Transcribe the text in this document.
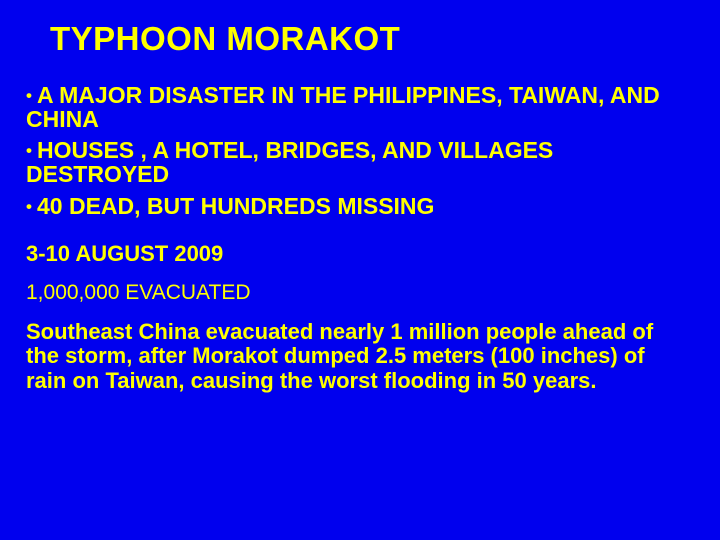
TYPHOON MORAKOT
• A MAJOR DISASTER IN THE PHILIPPINES, TAIWAN, AND CHINA
• HOUSES , A HOTEL, BRIDGES, AND VILLAGES DESTROYED
• 40 DEAD, BUT HUNDREDS MISSING
3-10 AUGUST 2009
1,000,000 EVACUATED
Southeast China evacuated nearly 1 million people ahead of the storm, after Morakot dumped 2.5 meters (100 inches) of rain on Taiwan, causing the worst flooding in 50 years.
